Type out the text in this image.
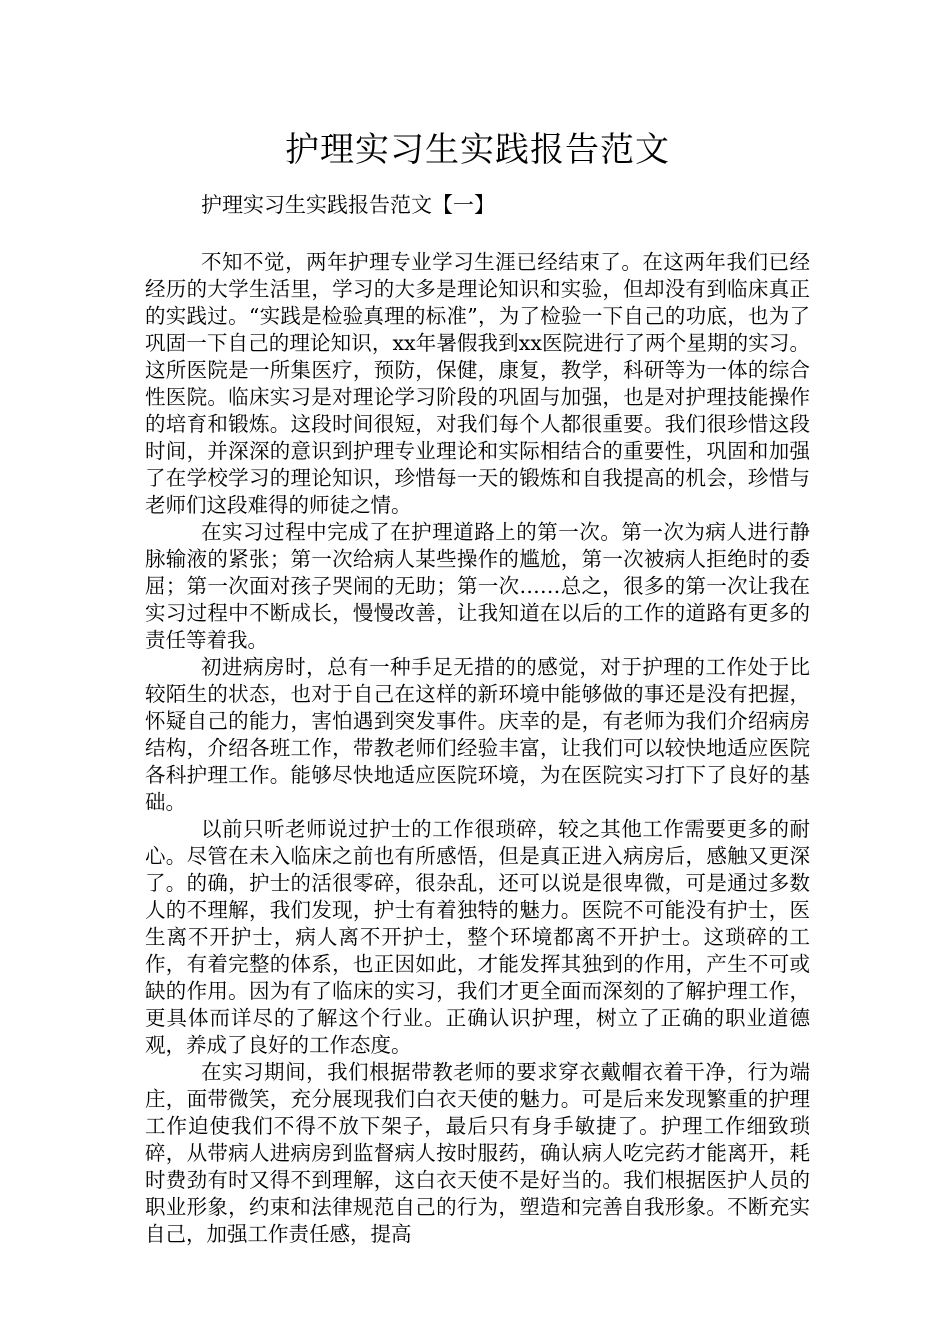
护理实习生实践报告范文

护理实习生实践报告范文【一】

不知不觉，两年护理专业学习生涯已经结束了。在这两年我们已经经历的大学生活里，学习的大多是理论知识和实验，但却没有到临床真正的实践过。“实践是检验真理的标准”，为了检验一下自己的功底，也为了巩固一下自己的理论知识，xx年暑假我到xx医院进行了两个星期的实习。这所医院是一所集医疗，预防，保健，康复，教学，科研等为一体的综合性医院。临床实习是对理论学习阶段的巩固与加强，也是对护理技能操作的培育和锻炼。这段时间很短，对我们每个人都很重要。我们很珍惜这段时间，并深深的意识到护理专业理论和实际相结合的重要性，巩固和加强了在学校学习的理论知识，珍惜每一天的锻炼和自我提高的机会，珍惜与老师们这段难得的师徒之情。

在实习过程中完成了在护理道路上的第一次。第一次为病人进行静脉输液的紧张；第一次给病人某些操作的尴尬，第一次被病人拒绝时的委屈；第一次面对孩子哭闹的无助；第一次……总之，很多的第一次让我在实习过程中不断成长，慢慢改善，让我知道在以后的工作的道路有更多的责任等着我。

初进病房时，总有一种手足无措的的感觉，对于护理的工作处于比较陌生的状态，也对于自己在这样的新环境中能够做的事还是没有把握，怀疑自己的能力，害怕遇到突发事件。庆幸的是，有老师为我们介绍病房结构，介绍各班工作，带教老师们经验丰富，让我们可以较快地适应医院各科护理工作。能够尽快地适应医院环境，为在医院实习打下了良好的基础。

以前只听老师说过护士的工作很琐碎，较之其他工作需要更多的耐心。尽管在未入临床之前也有所感悟，但是真正进入病房后，感触又更深了。的确，护士的活很零碎，很杂乱，还可以说是很卑微，可是通过多数人的不理解，我们发现，护士有着独特的魅力。医院不可能没有护士，医生离不开护士，病人离不开护士，整个环境都离不开护士。这琐碎的工作，有着完整的体系，也正因如此，才能发挥其独到的作用，产生不可或缺的作用。因为有了临床的实习，我们才更全面而深刻的了解护理工作，更具体而详尽的了解这个行业。正确认识护理，树立了正确的职业道德观，养成了良好的工作态度。

在实习期间，我们根据带教老师的要求穿衣戴帽衣着干净，行为端庄，面带微笑，充分展现我们白衣天使的魅力。可是后来发现繁重的护理工作迫使我们不得不放下架子，最后只有身手敏捷了。护理工作细致琐碎，从带病人进病房到监督病人按时服药，确认病人吃完药才能离开，耗时费劲有时又得不到理解，这白衣天使不是好当的。我们根据医护人员的职业形象，约束和法律规范自己的行为，塑造和完善自我形象。不断充实自己，加强工作责任感，提高
